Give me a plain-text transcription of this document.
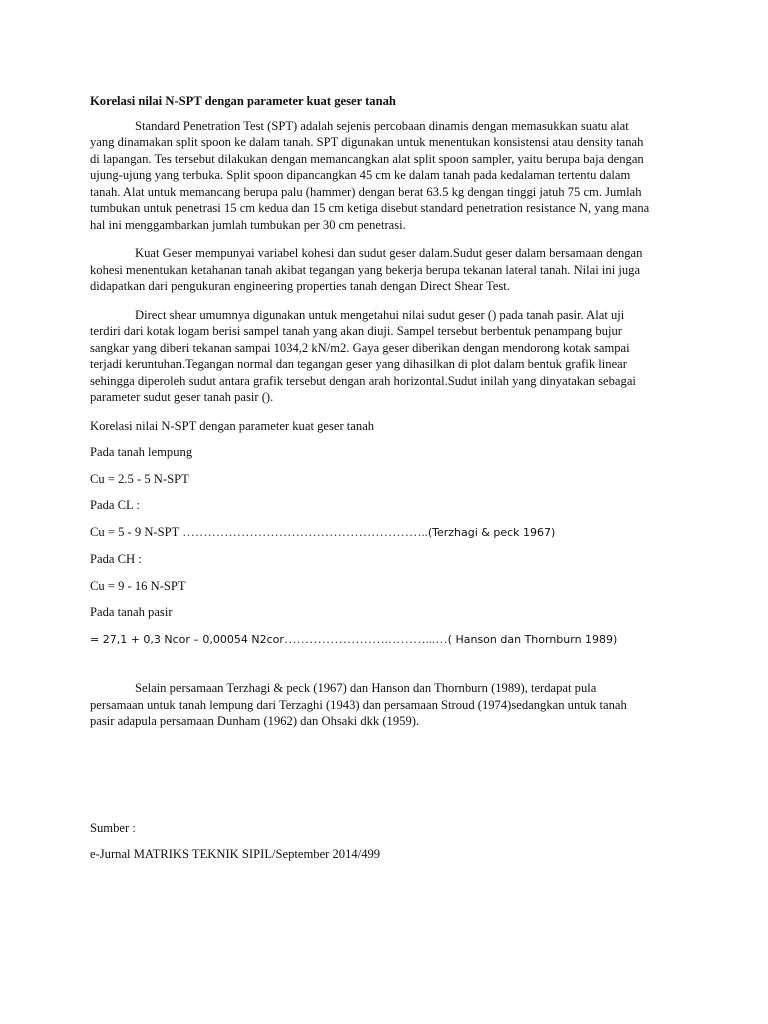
Korelasi nilai N-SPT dengan parameter kuat geser tanah

Standard Penetration Test (SPT) adalah sejenis percobaan dinamis dengan memasukkan suatu alat
yang dinamakan split spoon ke dalam tanah. SPT digunakan untuk menentukan konsistensi atau density tanah
di lapangan. Tes tersebut dilakukan dengan memancangkan alat split spoon sampler, yaitu berupa baja dengan
ujung-ujung yang terbuka. Split spoon dipancangkan 45 cm ke dalam tanah pada kedalaman tertentu dalam
tanah. Alat untuk memancang berupa palu (hammer) dengan berat 63.5 kg dengan tinggi jatuh 75 cm. Jumlah
tumbukan untuk penetrasi 15 cm kedua dan 15 cm ketiga disebut standard penetration resistance N, yang mana
hal ini menggambarkan jumlah tumbukan per 30 cm penetrasi.
Kuat Geser mempunyai variabel kohesi dan sudut geser dalam.Sudut geser dalam bersamaan dengan
kohesi menentukan ketahanan tanah akibat tegangan yang bekerja berupa tekanan lateral tanah. Nilai ini juga
didapatkan dari pengukuran engineering properties tanah dengan Direct Shear Test.
Direct shear umumnya digunakan untuk mengetahui nilai sudut geser () pada tanah pasir. Alat uji
terdiri dari kotak logam berisi sampel tanah yang akan diuji. Sampel tersebut berbentuk penampang bujur
sangkar yang diberi tekanan sampai 1034,2 kN/m2. Gaya geser diberikan dengan mendorong kotak sampai
terjadi keruntuhan.Tegangan normal dan tegangan geser yang dihasilkan di plot dalam bentuk grafik linear
sehingga diperoleh sudut antara grafik tersebut dengan arah horizontal.Sudut inilah yang dinyatakan sebagai
parameter sudut geser tanah pasir ().

Korelasi nilai N-SPT dengan parameter kuat geser tanah

Pada tanah lempung

Cu = 2.5 - 5 N-SPT

Pada CL :

Cu = 5 - 9 N-SPT …………………………………………………..(Terzhagi & peck 1967)

Pada CH :

Cu = 9 - 16 N-SPT

Pada tanah pasir

= 27,1 + 0,3 Ncor – 0,00054 N2cor…………………….………...…( Hanson dan Thornburn 1989)

Selain persamaan Terzhagi & peck (1967) dan Hanson dan Thornburn (1989), terdapat pula
persamaan untuk tanah lempung dari Terzaghi (1943) dan persamaan Stroud (1974)sedangkan untuk tanah
pasir adapula persamaan Dunham (1962) dan Ohsaki dkk (1959).

Sumber :

e-Jurnal MATRIKS TEKNIK SIPIL/September 2014/499
